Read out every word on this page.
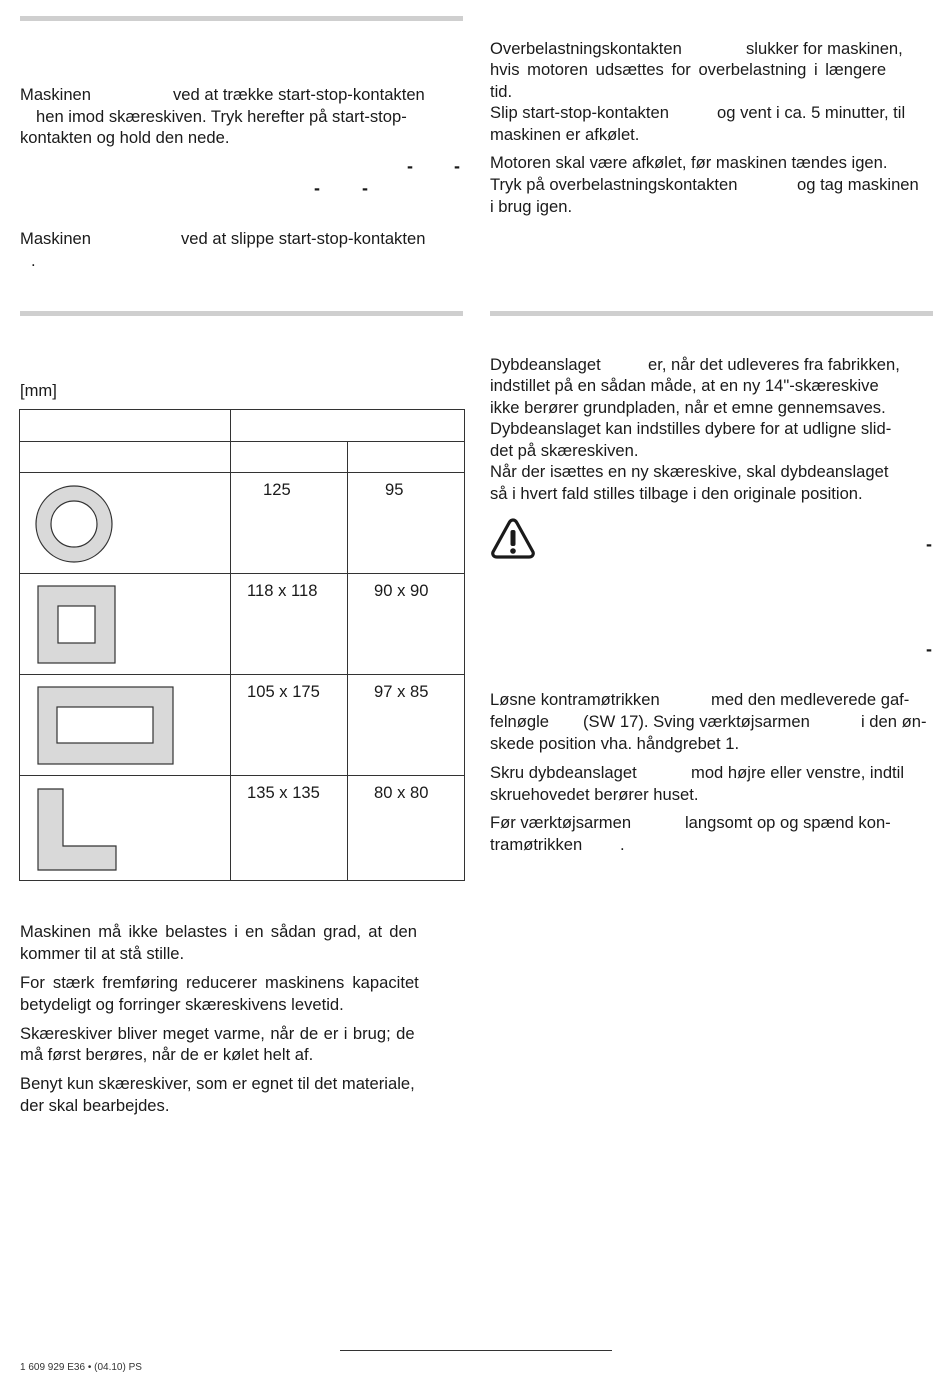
Maskinen	ved at trække start-stop-kontakten
hen imod skæreskiven. Tryk herefter på start-stop-
kontakten og hold den nede.
- -
- -
Maskinen	ved at slippe start-stop-kontakten
.
Overbelastningskontakten	slukker for maskinen,
hvis motoren udsættes for overbelastning i længere
tid.
Slip start-stop-kontakten	og vent i ca. 5 minutter, til
maskinen er afkølet.
Motoren skal være afkølet, før maskinen tændes igen.
Tryk på overbelastningskontakten	og tag maskinen
i brug igen.
[mm]
125	95
118 x 118	90 x 90
105 x 175	97 x 85
135 x 135	80 x 80
Maskinen må ikke belastes i en sådan grad, at den
kommer til at stå stille.
For stærk fremføring reducerer maskinens kapacitet
betydeligt og forringer skæreskivens levetid.
Skæreskiver bliver meget varme, når de er i brug; de
må først berøres, når de er kølet helt af.
Benyt kun skæreskiver, som er egnet til det materiale,
der skal bearbejdes.
Dybdeanslaget	er, når det udleveres fra fabrikken,
indstillet på en sådan måde, at en ny 14"-skæreskive
ikke berører grundpladen, når et emne gennemsaves.
Dybdeanslaget kan indstilles dybere for at udligne slid-
det på skæreskiven.
Når der isættes en ny skæreskive, skal dybdeanslaget
så i hvert fald stilles tilbage i den originale position.
-
-
Løsne kontramøtrikken	med den medleverede gaf-
felnøgle (SW 17). Sving værktøjsarmen	i den øn-
skede position vha. håndgrebet 1.
Skru dybdeanslaget	mod højre eller venstre, indtil
skruehovedet berører huset.
Før værktøjsarmen	langsomt op og spænd kon-
tramøtrikken .
1 609 929 E36 • (04.10) PS
